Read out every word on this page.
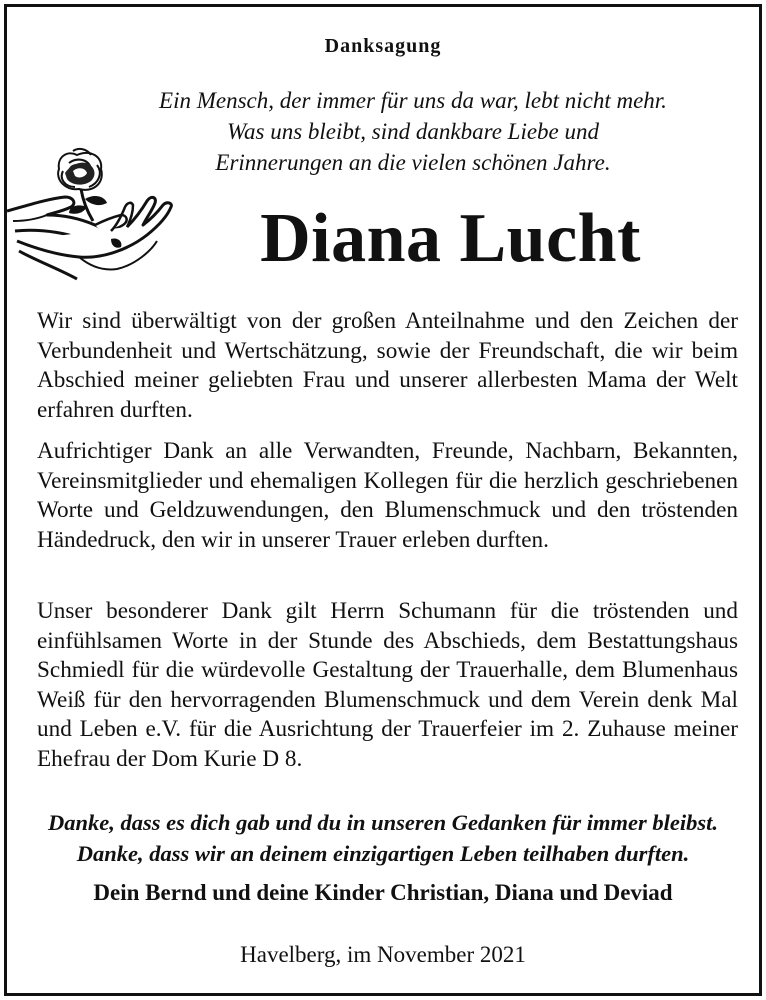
Danksagung
Ein Mensch, der immer für uns da war, lebt nicht mehr.
Was uns bleibt, sind dankbare Liebe und
Erinnerungen an die vielen schönen Jahre.
Diana Lucht
Wir sind überwältigt von der großen Anteilnahme und den Zeichen der Verbundenheit und Wertschätzung, sowie der Freundschaft, die wir beim Abschied meiner geliebten Frau und unserer allerbesten Mama der Welt erfahren durften.
Aufrichtiger Dank an alle Verwandten, Freunde, Nachbarn, Bekannten, Vereinsmitglieder und ehemaligen Kollegen für die herzlich geschriebenen Worte und Geldzuwendungen, den Blumenschmuck und den tröstenden Händedruck, den wir in unserer Trauer erleben durften.
Unser besonderer Dank gilt Herrn Schumann für die tröstenden und einfühlsamen Worte in der Stunde des Abschieds, dem Bestattungshaus Schmiedl für die würdevolle Gestaltung der Trauerhalle, dem Blumenhaus Weiß für den hervorragenden Blumenschmuck und dem Verein denk Mal und Leben e.V. für die Ausrichtung der Trauerfeier im 2. Zuhause meiner Ehefrau der Dom Kurie D 8.
Danke, dass es dich gab und du in unseren Gedanken für immer bleibst.
Danke, dass wir an deinem einzigartigen Leben teilhaben durften.
Dein Bernd und deine Kinder Christian, Diana und Deviad
Havelberg, im November 2021
